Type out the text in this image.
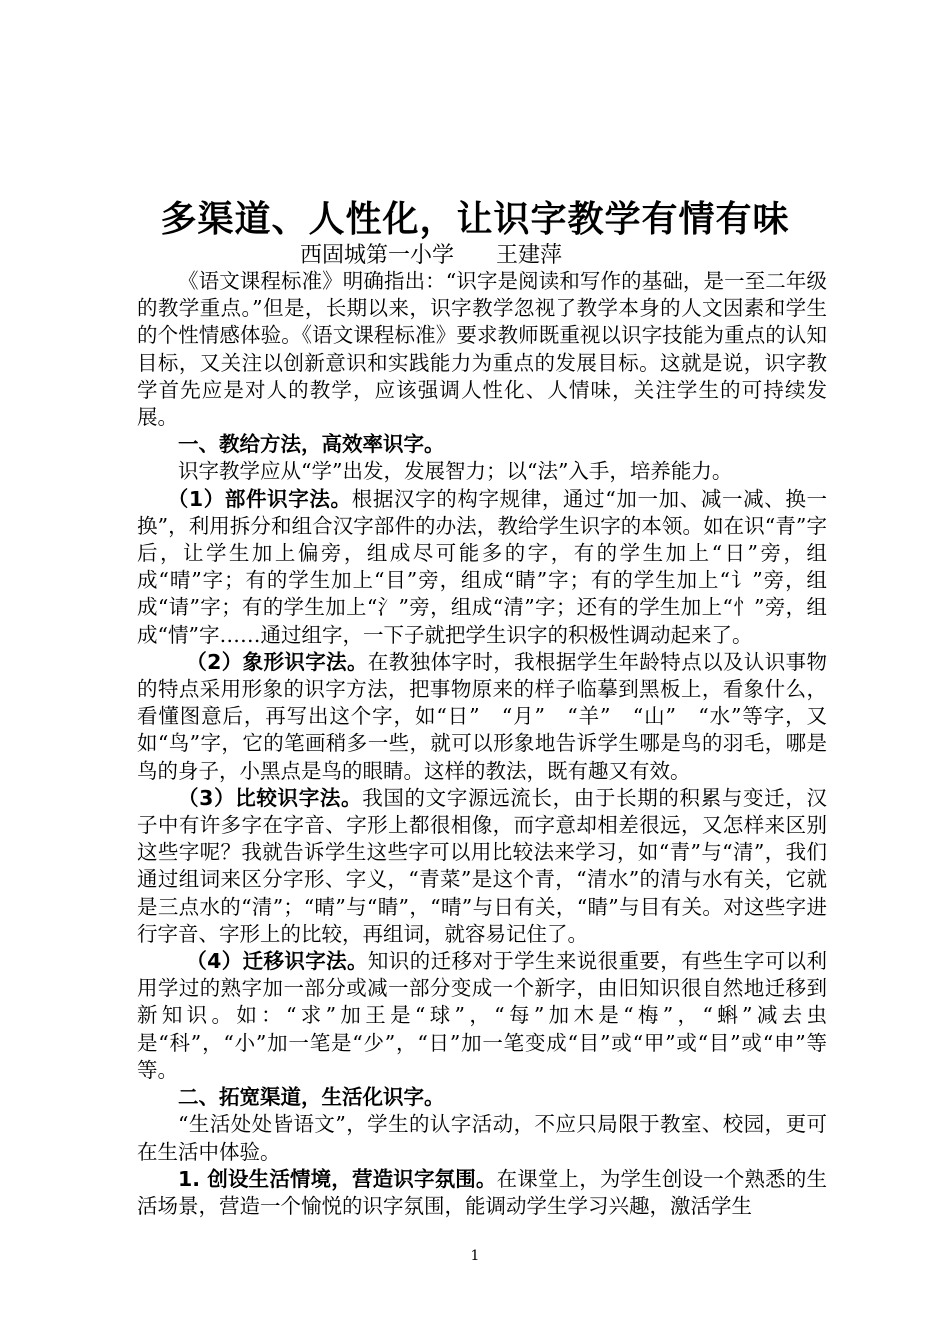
多渠道、人性化，让识字教学有情有味
西固城第一小学 王建萍

《语文课程标准》明确指出：“识字是阅读和写作的基础，是一至二年级的教学重点。”但是，长期以来，识字教学忽视了教学本身的人文因素和学生的个性情感体验。《语文课程标准》要求教师既重视以识字技能为重点的认知目标，又关注以创新意识和实践能力为重点的发展目标。这就是说，识字教学首先应是对人的教学，应该强调人性化、人情味，关注学生的可持续发展。

一、教给方法，高效率识字。

识字教学应从“学”出发，发展智力；以“法”入手，培养能力。

（1）部件识字法。根据汉字的构字规律，通过“加一加、减一减、换一换”，利用拆分和组合汉字部件的办法，教给学生识字的本领。如在识“青”字后，让学生加上偏旁，组成尽可能多的字，有的学生加上“日”旁，组成“晴”字；有的学生加上“目”旁，组成“睛”字；有的学生加上“讠”旁，组成“请”字；有的学生加上“氵”旁，组成“清”字；还有的学生加上“忄”旁，组成“情”字……通过组字，一下子就把学生识字的积极性调动起来了。

（2）象形识字法。在教独体字时，我根据学生年龄特点以及认识事物的特点采用形象的识字方法，把事物原来的样子临摹到黑板上，看象什么，看懂图意后，再写出这个字，如“日”　“月”　“羊”　“山”　“水”等字，又如“鸟”字，它的笔画稍多一些，就可以形象地告诉学生哪是鸟的羽毛，哪是鸟的身子，小黑点是鸟的眼睛。这样的教法，既有趣又有效。

（3）比较识字法。我国的文字源远流长，由于长期的积累与变迁，汉子中有许多字在字音、字形上都很相像，而字意却相差很远，又怎样来区别这些字呢？我就告诉学生这些字可以用比较法来学习，如“青”与“清”，我们通过组词来区分字形、字义，“青菜”是这个青，“清水”的清与水有关，它就是三点水的“清”；“晴”与“睛”，“晴”与日有关，“睛”与目有关。对这些字进行字音、字形上的比较，再组词，就容易记住了。

（4）迁移识字法。知识的迁移对于学生来说很重要，有些生字可以利用学过的熟字加一部分或减一部分变成一个新字，由旧知识很自然地迁移到新知识。如：“求”加王是“球”，“每”加木是“梅”，“蝌”减去虫是“科”，“小”加一笔是“少”，“日”加一笔变成“目”或“甲”或“目”或“申”等等。

二、拓宽渠道，生活化识字。

“生活处处皆语文”，学生的认字活动，不应只局限于教室、校园，更可在生活中体验。

1. 创设生活情境，营造识字氛围。在课堂上，为学生创设一个熟悉的生活场景，营造一个愉悦的识字氛围，能调动学生学习兴趣，激活学生

1
